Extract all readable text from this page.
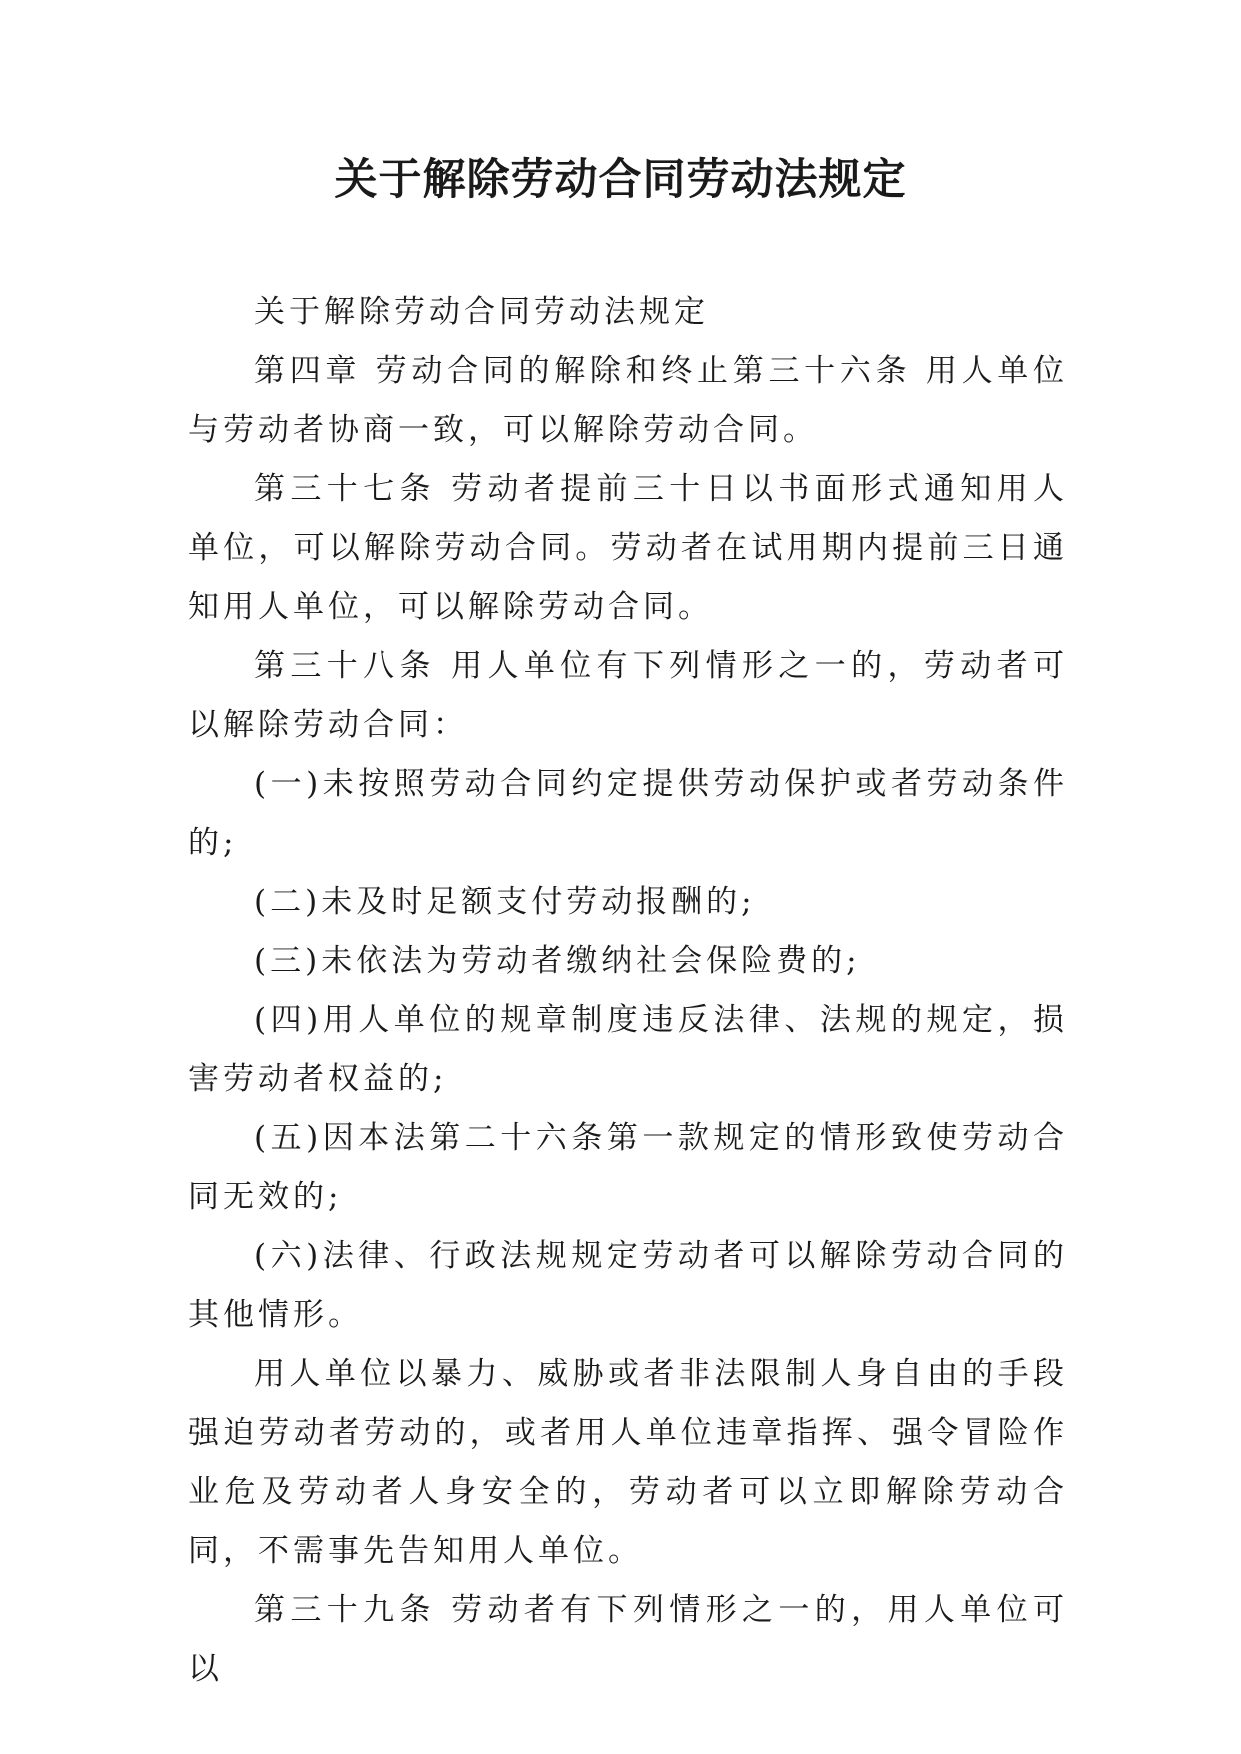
关于解除劳动合同劳动法规定

关于解除劳动合同劳动法规定

第四章 劳动合同的解除和终止第三十六条 用人单位与劳动者协商一致，可以解除劳动合同。

第三十七条 劳动者提前三十日以书面形式通知用人单位，可以解除劳动合同。劳动者在试用期内提前三日通知用人单位，可以解除劳动合同。

第三十八条 用人单位有下列情形之一的，劳动者可以解除劳动合同：

(一)未按照劳动合同约定提供劳动保护或者劳动条件的;

(二)未及时足额支付劳动报酬的;

(三)未依法为劳动者缴纳社会保险费的;

(四)用人单位的规章制度违反法律、法规的规定，损害劳动者权益的;

(五)因本法第二十六条第一款规定的情形致使劳动合同无效的;

(六)法律、行政法规规定劳动者可以解除劳动合同的其他情形。

用人单位以暴力、威胁或者非法限制人身自由的手段强迫劳动者劳动的，或者用人单位违章指挥、强令冒险作业危及劳动者人身安全的，劳动者可以立即解除劳动合同，不需事先告知用人单位。

第三十九条 劳动者有下列情形之一的，用人单位可以
